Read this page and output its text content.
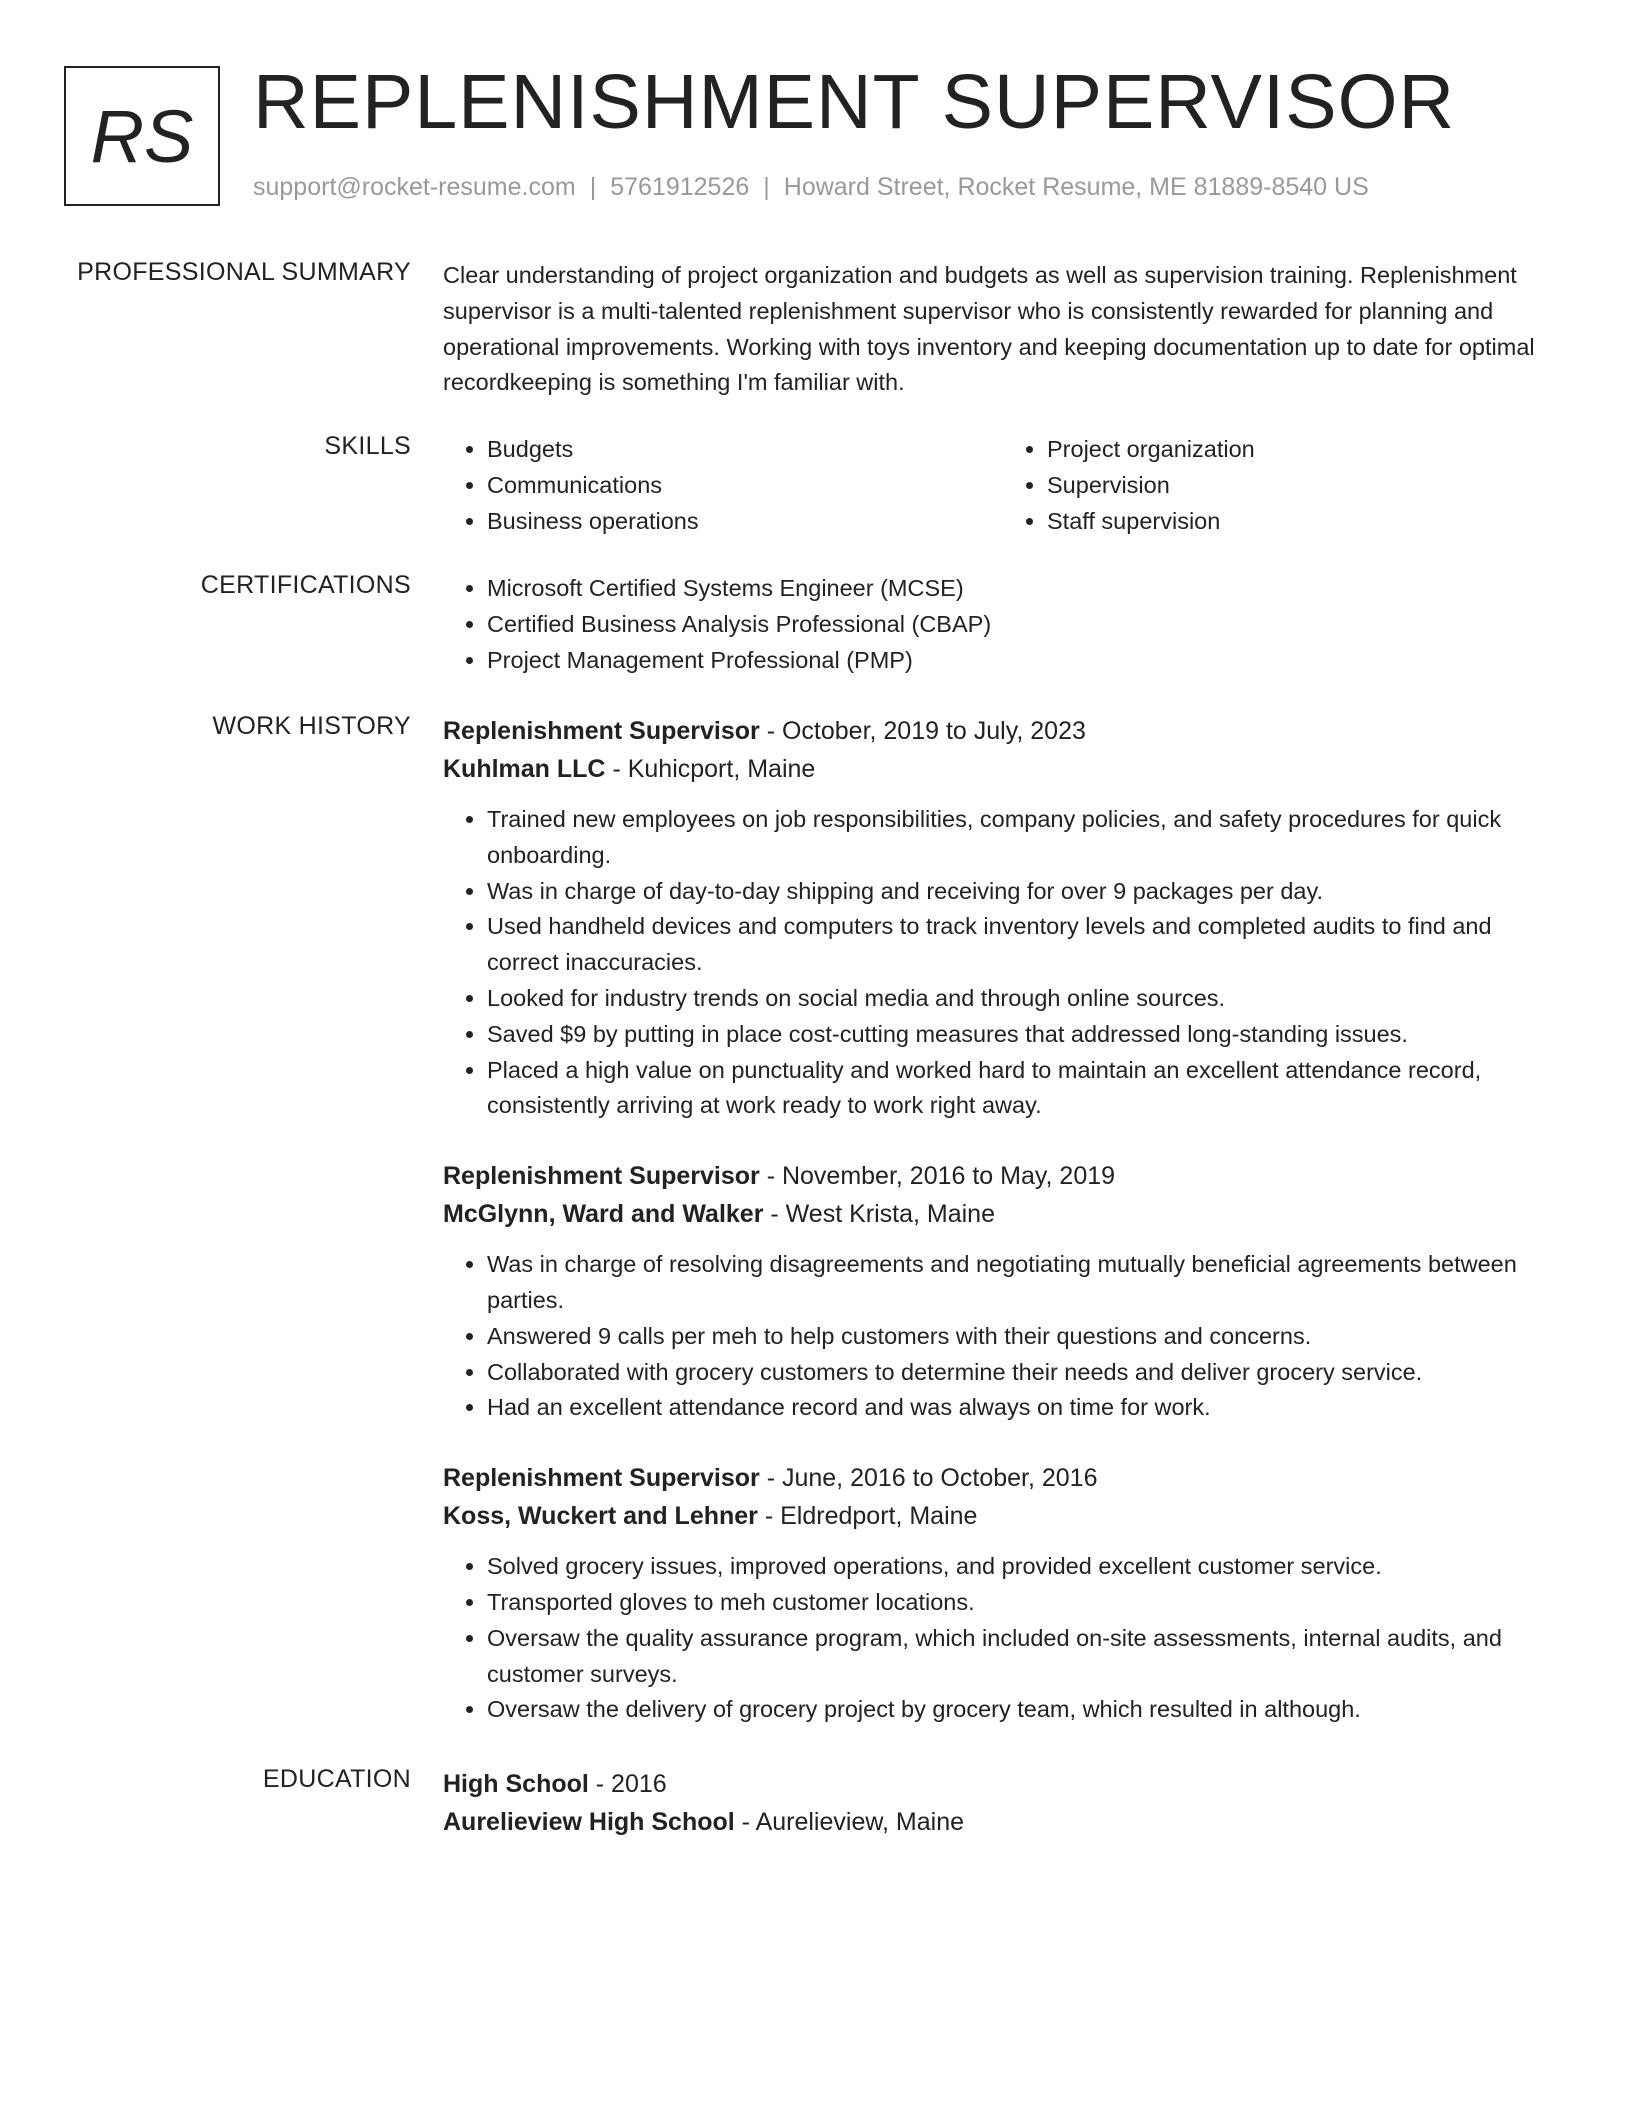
RS REPLENISHMENT SUPERVISOR
support@rocket-resume.com | 5761912526 | Howard Street, Rocket Resume, ME 81889-8540 US
PROFESSIONAL SUMMARY Clear understanding of project organization and budgets as well as supervision training. Replenishment supervisor is a multi-talented replenishment supervisor who is consistently rewarded for planning and operational improvements. Working with toys inventory and keeping documentation up to date for optimal recordkeeping is something I'm familiar with.

SKILLS	• Budgets
• Communications
• Business operations
• Project organization
• Supervision
• Staff supervision
CERTIFICATIONS	• Microsoft Certified Systems Engineer (MCSE)
• Certified Business Analysis Professional (CBAP)
• Project Management Professional (PMP)
WORK HISTORY Replenishment Supervisor - October, 2019 to July, 2023
Kuhlman LLC - Kuhicport, Maine
• Trained new employees on job responsibilities, company policies, and safety procedures for quick onboarding.
• Was in charge of day-to-day shipping and receiving for over 9 packages per day.
• Used handheld devices and computers to track inventory levels and completed audits to find and correct inaccuracies.
• Looked for industry trends on social media and through online sources.
• Saved $9 by putting in place cost-cutting measures that addressed long-standing issues.
• Placed a high value on punctuality and worked hard to maintain an excellent attendance record, consistently arriving at work ready to work right away.
Replenishment Supervisor - November, 2016 to May, 2019
McGlynn, Ward and Walker - West Krista, Maine
• Was in charge of resolving disagreements and negotiating mutually beneficial agreements between parties.
• Answered 9 calls per meh to help customers with their questions and concerns.
• Collaborated with grocery customers to determine their needs and deliver grocery service.
• Had an excellent attendance record and was always on time for work.
Replenishment Supervisor - June, 2016 to October, 2016
Koss, Wuckert and Lehner - Eldredport, Maine
• Solved grocery issues, improved operations, and provided excellent customer service.
• Transported gloves to meh customer locations.
• Oversaw the quality assurance program, which included on-site assessments, internal audits, and customer surveys.
• Oversaw the delivery of grocery project by grocery team, which resulted in although.
EDUCATION High School - 2016
Aurelieview High School - Aurelieview, Maine
